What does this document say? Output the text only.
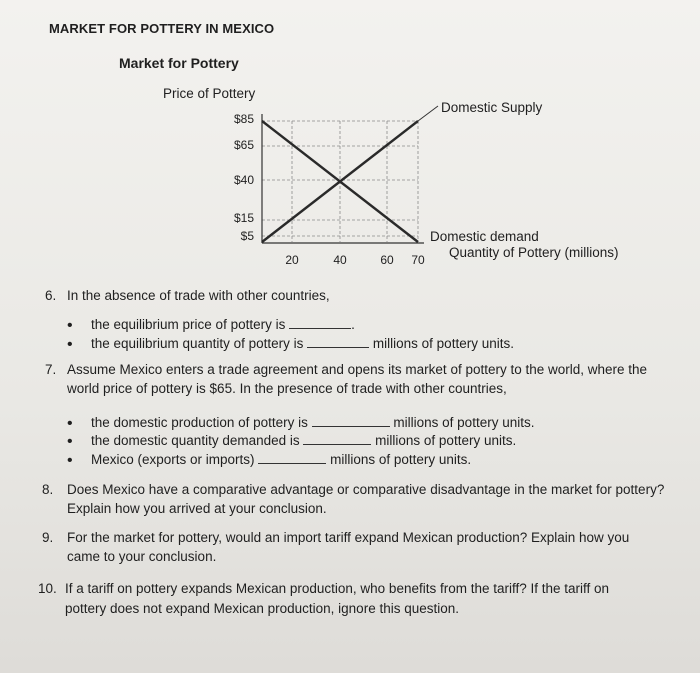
MARKET FOR POTTERY IN MEXICO
Market for Pottery
Price of Pottery
$85
$65
$40
$15
$5
20	40	60 70
Domestic Supply
Domestic demand
Quantity of Pottery (millions)
6. In the absence of trade with other countries,
• the equilibrium price of pottery is	.
• the equilibrium quantity of pottery is	millions of pottery units.
7. Assume Mexico enters a trade agreement and opens its market of pottery to the world, where the
world price of pottery is $65. In the presence of trade with other countries,
• the domestic production of pottery is	millions of pottery units.
• the domestic quantity demanded is	millions of pottery units.
• Mexico (exports or imports)	millions of pottery units.
8. Does Mexico have a comparative advantage or comparative disadvantage in the market for pottery?
Explain how you arrived at your conclusion.
9. For the market for pottery, would an import tariff expand Mexican production? Explain how you
came to your conclusion.
10. If a tariff on pottery expands Mexican production, who benefits from the tariff? If the tariff on
pottery does not expand Mexican production, ignore this question.
